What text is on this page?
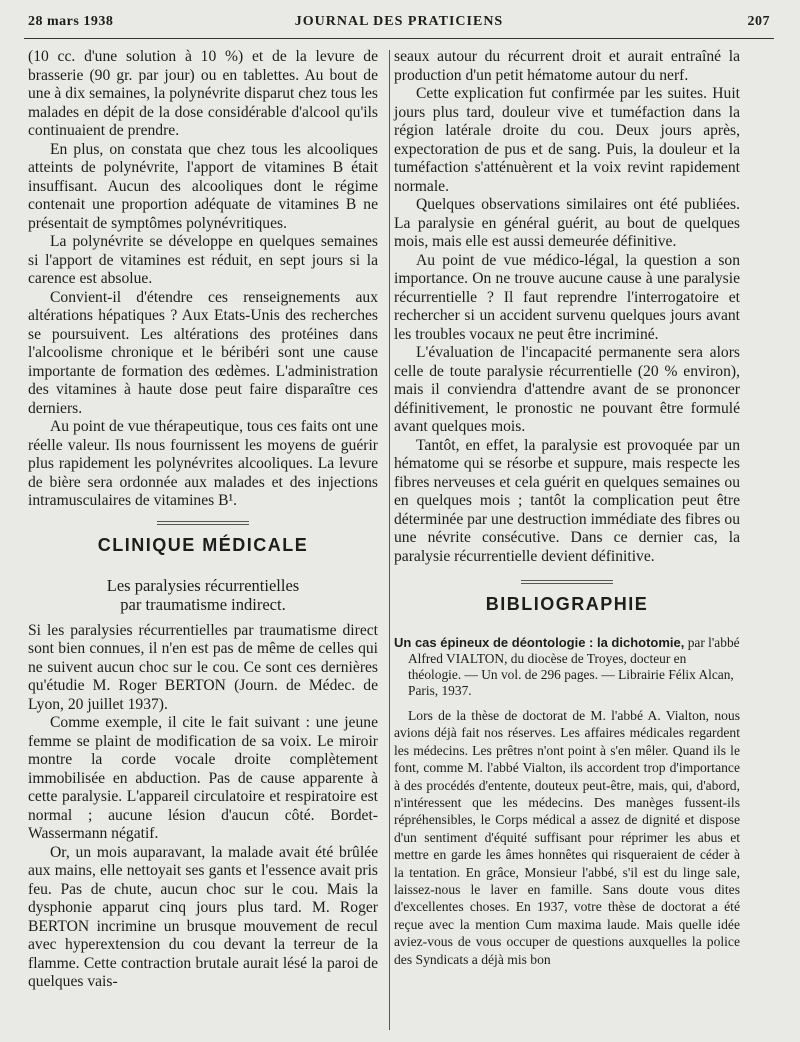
28 mars 1938	JOURNAL DES PRATICIENS	207

(10 cc. d'une solution à 10 %) et de la levure de brasserie (90 gr. par jour) ou en tablettes. Au bout de une à dix semaines, la polynévrite disparut chez tous les malades en dépit de la dose considérable d'alcool qu'ils continuaient de prendre.

En plus, on constata que chez tous les alcooliques atteints de polynévrite, l'apport de vitamines B était insuffisant. Aucun des alcooliques dont le régime contenait une proportion adéquate de vitamines B ne présentait de symptômes polynévritiques.

La polynévrite se développe en quelques semaines si l'apport de vitamines est réduit, en sept jours si la carence est absolue.

Convient-il d'étendre ces renseignements aux altérations hépatiques ? Aux Etats-Unis des recherches se poursuivent. Les altérations des protéines dans l'alcoolisme chronique et le béribéri sont une cause importante de formation des œdèmes. L'administration des vitamines à haute dose peut faire disparaître ces derniers.

Au point de vue thérapeutique, tous ces faits ont une réelle valeur. Ils nous fournissent les moyens de guérir plus rapidement les polynévrites alcooliques. La levure de bière sera ordonnée aux malades et des injections intramusculaires de vitamines B¹.

CLINIQUE MÉDICALE
Les paralysies récurrentielles
par traumatisme indirect.

Si les paralysies récurrentielles par traumatisme direct sont bien connues, il n'en est pas de même de celles qui ne suivent aucun choc sur le cou. Ce sont ces dernières qu'étudie M. Roger BERTON (Journ. de Médec. de Lyon, 20 juillet 1937).

Comme exemple, il cite le fait suivant : une jeune femme se plaint de modification de sa voix. Le miroir montre la corde vocale droite complètement immobilisée en abduction. Pas de cause apparente à cette paralysie. L'appareil circulatoire et respiratoire est normal ; aucune lésion d'aucun côté. Bordet-Wassermann négatif.

Or, un mois auparavant, la malade avait été brûlée aux mains, elle nettoyait ses gants et l'essence avait pris feu. Pas de chute, aucun choc sur le cou. Mais la dysphonie apparut cinq jours plus tard. M. Roger BERTON incrimine un brusque mouvement de recul avec hyperextension du cou devant la terreur de la flamme. Cette contraction brutale aurait lésé la paroi de quelques vais-

seaux autour du récurrent droit et aurait entraîné la production d'un petit hématome autour du nerf.

Cette explication fut confirmée par les suites. Huit jours plus tard, douleur vive et tuméfaction dans la région latérale droite du cou. Deux jours après, expectoration de pus et de sang. Puis, la douleur et la tuméfaction s'atténuèrent et la voix revint rapidement normale.

Quelques observations similaires ont été publiées. La paralysie en général guérit, au bout de quelques mois, mais elle est aussi demeurée définitive.

Au point de vue médico-légal, la question a son importance. On ne trouve aucune cause à une paralysie récurrentielle ? Il faut reprendre l'interrogatoire et rechercher si un accident survenu quelques jours avant les troubles vocaux ne peut être incriminé.

L'évaluation de l'incapacité permanente sera alors celle de toute paralysie récurrentielle (20 % environ), mais il conviendra d'attendre avant de se prononcer définitivement, le pronostic ne pouvant être formulé avant quelques mois.

Tantôt, en effet, la paralysie est provoquée par un hématome qui se résorbe et suppure, mais respecte les fibres nerveuses et cela guérit en quelques semaines ou en quelques mois ; tantôt la complication peut être déterminée par une destruction immédiate des fibres ou une névrite consécutive. Dans ce dernier cas, la paralysie récurrentielle devient définitive.

BIBLIOGRAPHIE

Un cas épineux de déontologie : la dichotomie, par l'abbé Alfred VIALTON, du diocèse de Troyes, docteur en théologie. — Un vol. de 296 pages. — Librairie Félix Alcan, Paris, 1937.

Lors de la thèse de doctorat de M. l'abbé A. Vialton, nous avions déjà fait nos réserves. Les affaires médicales regardent les médecins. Les prêtres n'ont point à s'en mêler. Quand ils le font, comme M. l'abbé Vialton, ils accordent trop d'importance à des procédés d'entente, douteux peut-être, mais, qui, d'abord, n'intéressent que les médecins. Des manèges fussent-ils répréhensibles, le Corps médical a assez de dignité et dispose d'un sentiment d'équité suffisant pour réprimer les abus et mettre en garde les âmes honnêtes qui risqueraient de céder à la tentation. En grâce, Monsieur l'abbé, s'il est du linge sale, laissez-nous le laver en famille. Sans doute vous dites d'excellentes choses. En 1937, votre thèse de doctorat a été reçue avec la mention Cum maxima laude. Mais quelle idée aviez-vous de vous occuper de questions auxquelles la police des Syndicats a déjà mis bon
